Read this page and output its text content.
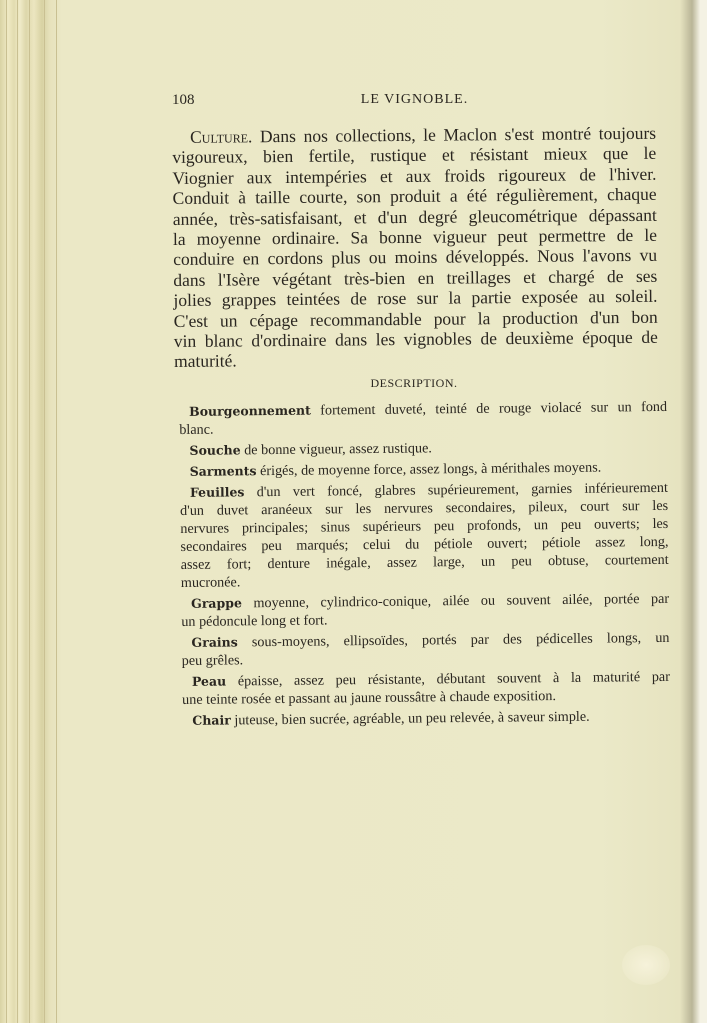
108	LE VIGNOBLE.
Culture. Dans nos collections, le Maclon s'est montré toujours
vigoureux, bien fertile, rustique et résistant mieux que le
Viognier aux intempéries et aux froids rigoureux de l'hiver.
Conduit à taille courte, son produit a été régulièrement, chaque
année, très-satisfaisant, et d'un degré gleucométrique dépassant
la moyenne ordinaire. Sa bonne vigueur peut permettre de le
conduire en cordons plus ou moins développés. Nous l'avons vu
dans l'Isère végétant très-bien en treillages et chargé de ses
jolies grappes teintées de rose sur la partie exposée au soleil.
C'est un cépage recommandable pour la production d'un bon
vin blanc d'ordinaire dans les vignobles de deuxième époque de
maturité.
DESCRIPTION.
Bourgeonnement fortement duveté, teinté de rouge violacé sur un fond
blanc.
Souche de bonne vigueur, assez rustique.
Sarments érigés, de moyenne force, assez longs, à mérithales moyens.
Feuilles d'un vert foncé, glabres supérieurement, garnies inférieurement
d'un duvet aranéeux sur les nervures secondaires, pileux, court sur les
nervures principales; sinus supérieurs peu profonds, un peu ouverts; les
secondaires peu marqués; celui du pétiole ouvert; pétiole assez long,
assez fort; denture inégale, assez large, un peu obtuse, courtement
mucronée.
Grappe moyenne, cylindrico-conique, ailée ou souvent ailée, portée par
un pédoncule long et fort.
Grains sous-moyens, ellipsoïdes, portés par des pédicelles longs, un
peu grêles.
Peau épaisse, assez peu résistante, débutant souvent à la maturité par
une teinte rosée et passant au jaune roussâtre à chaude exposition.
Chair juteuse, bien sucrée, agréable, un peu relevée, à saveur simple.
